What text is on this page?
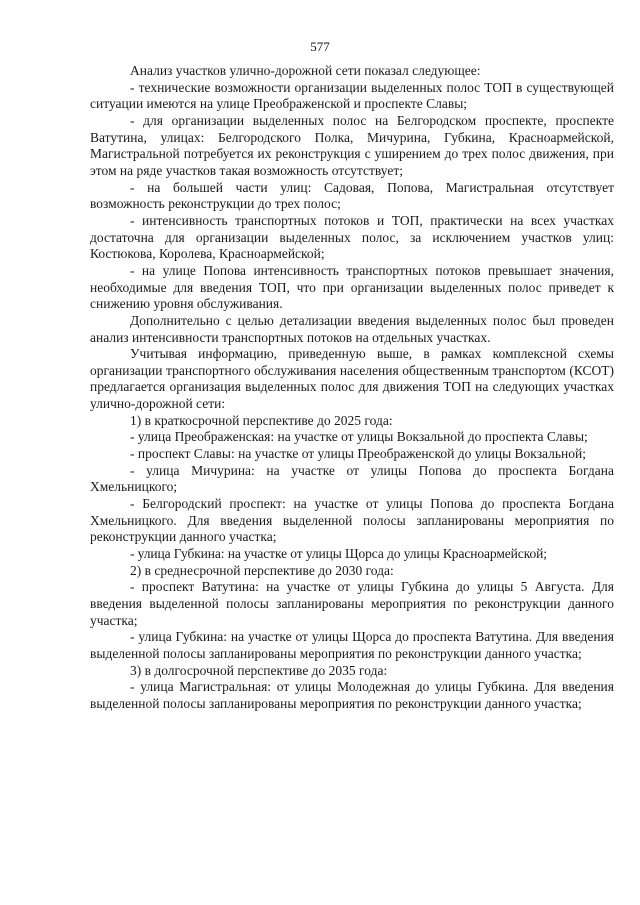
577

Анализ участков улично-дорожной сети показал следующее:

- технические возможности организации выделенных полос ТОП в существующей ситуации имеются на улице Преображенской и проспекте Славы;

- для организации выделенных полос на Белгородском проспекте, проспекте Ватутина, улицах: Белгородского Полка, Мичурина, Губкина, Красноармейской, Магистральной потребуется их реконструкция с уширением до трех полос движения, при этом на ряде участков такая возможность отсутствует;

- на большей части улиц: Садовая, Попова, Магистральная отсутствует возможность реконструкции до трех полос;

- интенсивность транспортных потоков и ТОП, практически на всех участках достаточна для организации выделенных полос, за исключением участков улиц: Костюкова, Королева, Красноармейской;

- на улице Попова интенсивность транспортных потоков превышает значения, необходимые для введения ТОП, что при организации выделенных полос приведет к снижению уровня обслуживания.

Дополнительно с целью детализации введения выделенных полос был проведен анализ интенсивности транспортных потоков на отдельных участках.

Учитывая информацию, приведенную выше, в рамках комплексной схемы организации транспортного обслуживания населения общественным транспортом (КСОТ) предлагается организация выделенных полос для движения ТОП на следующих участках улично-дорожной сети:

1) в краткосрочной перспективе до 2025 года:

- улица Преображенская: на участке от улицы Вокзальной до проспекта Славы;

- проспект Славы: на участке от улицы Преображенской до улицы Вокзальной;

- улица Мичурина: на участке от улицы Попова до проспекта Богдана Хмельницкого;

- Белгородский проспект: на участке от улицы Попова до проспекта Богдана Хмельницкого. Для введения выделенной полосы запланированы мероприятия по реконструкции данного участка;

- улица Губкина: на участке от улицы Щорса до улицы Красноармейской;

2) в среднесрочной перспективе до 2030 года:

- проспект Ватутина: на участке от улицы Губкина до улицы 5 Августа. Для введения выделенной полосы запланированы мероприятия по реконструкции данного участка;

- улица Губкина: на участке от улицы Щорса до проспекта Ватутина. Для введения выделенной полосы запланированы мероприятия по реконструкции данного участка;

3) в долгосрочной перспективе до 2035 года:

- улица Магистральная: от улицы Молодежная до улицы Губкина. Для введения выделенной полосы запланированы мероприятия по реконструкции данного участка;
